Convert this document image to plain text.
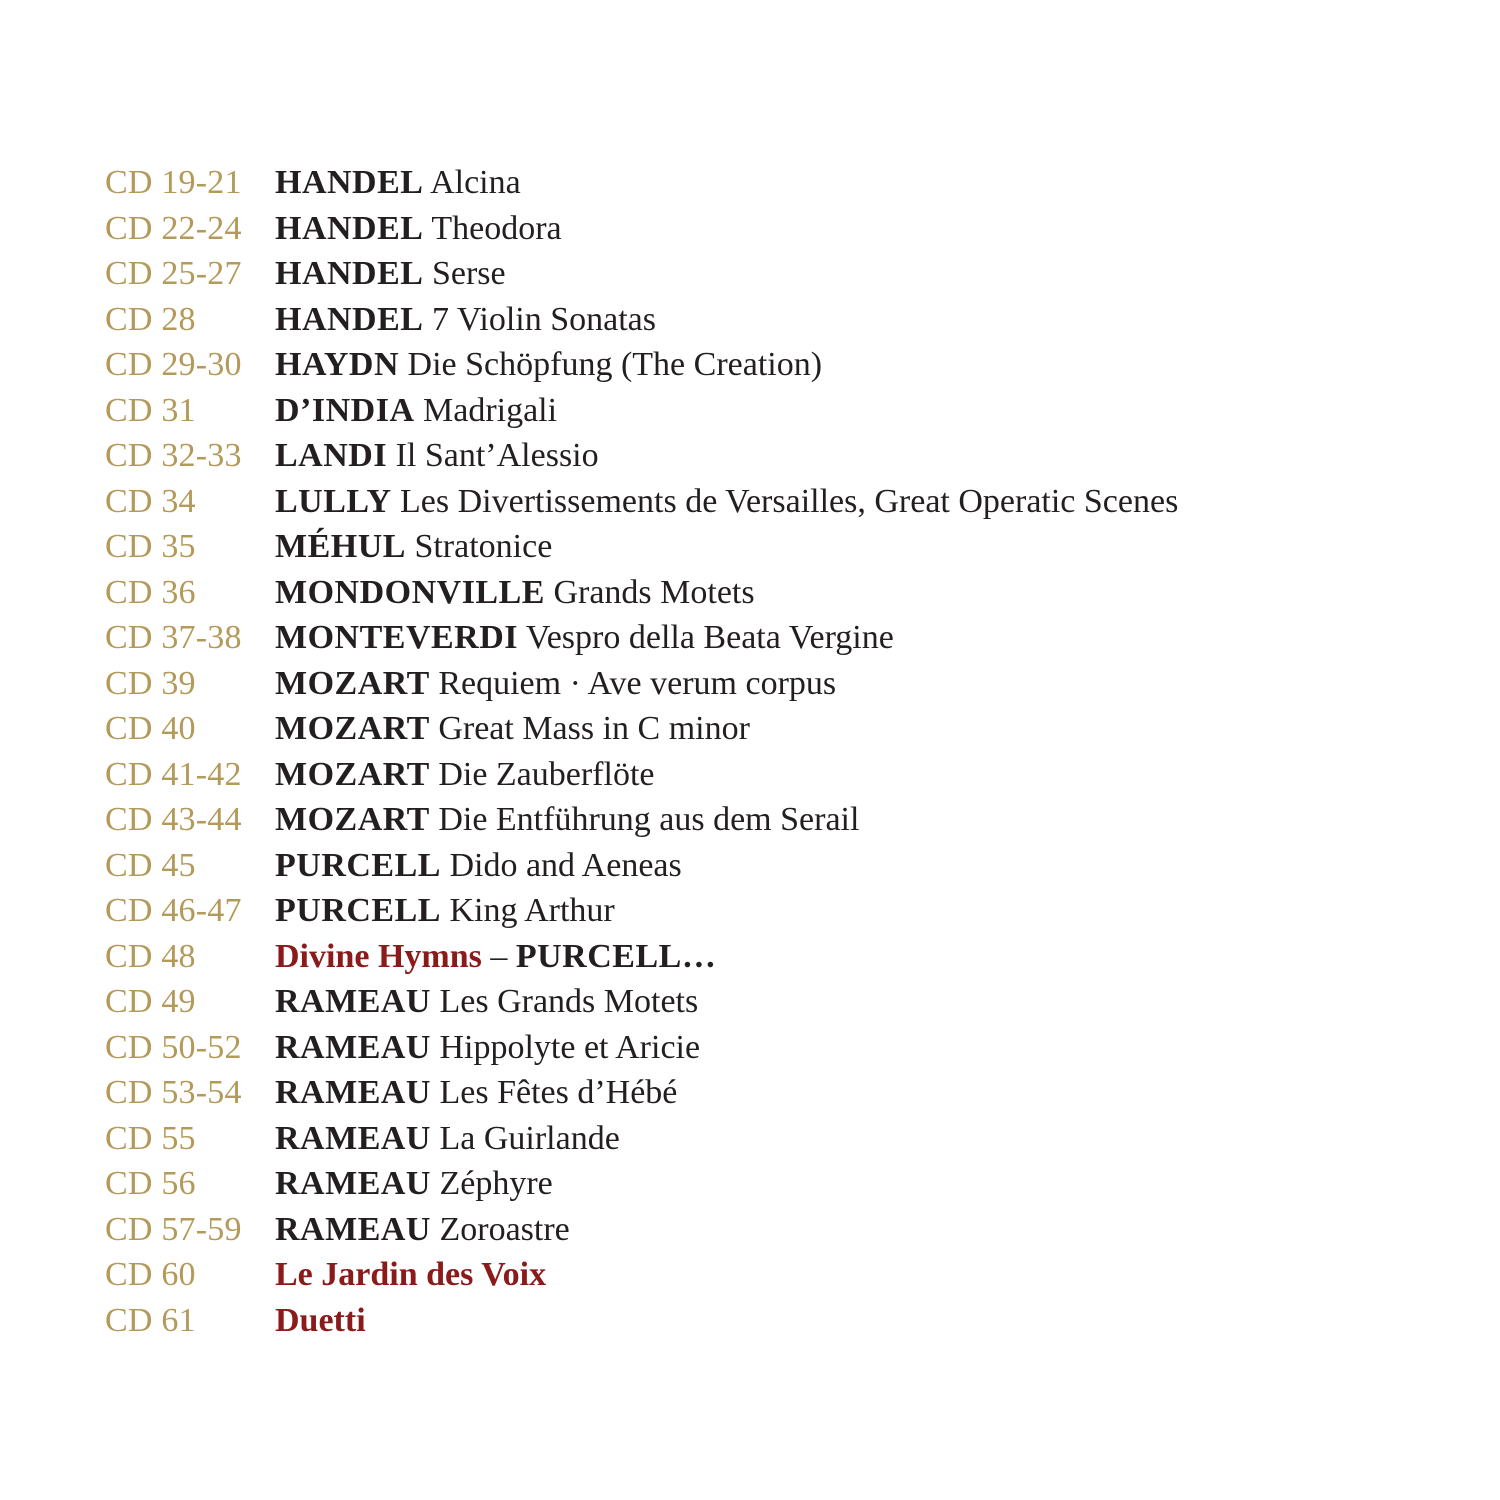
CD 19-21 HANDEL Alcina
CD 22-24 HANDEL Theodora
CD 25-27 HANDEL Serse
CD 28	HANDEL 7 Violin Sonatas
CD 29-30 HAYDN Die Schöpfung (The Creation)
CD 31	D’INDIA Madrigali
CD 32-33 LANDI Il Sant’Alessio
CD 34	LULLY Les Divertissements de Versailles, Great Operatic Scenes
CD 35	MÉHUL Stratonice
CD 36	MONDONVILLE Grands Motets
CD 37-38 MONTEVERDI Vespro della Beata Vergine
CD 39	MOZART Requiem · Ave verum corpus
CD 40	MOZART Great Mass in C minor
CD 41-42 MOZART Die Zauberflöte
CD 43-44 MOZART Die Entführung aus dem Serail
CD 45	PURCELL Dido and Aeneas
CD 46-47 PURCELL King Arthur
CD 48	Divine Hymns – PURCELL…
CD 49	RAMEAU Les Grands Motets
CD 50-52 RAMEAU Hippolyte et Aricie
CD 53-54 RAMEAU Les Fêtes d’Hébé
CD 55	RAMEAU La Guirlande
CD 56	RAMEAU Zéphyre
CD 57-59 RAMEAU Zoroastre
CD 60	Le Jardin des Voix
CD 61	Duetti
